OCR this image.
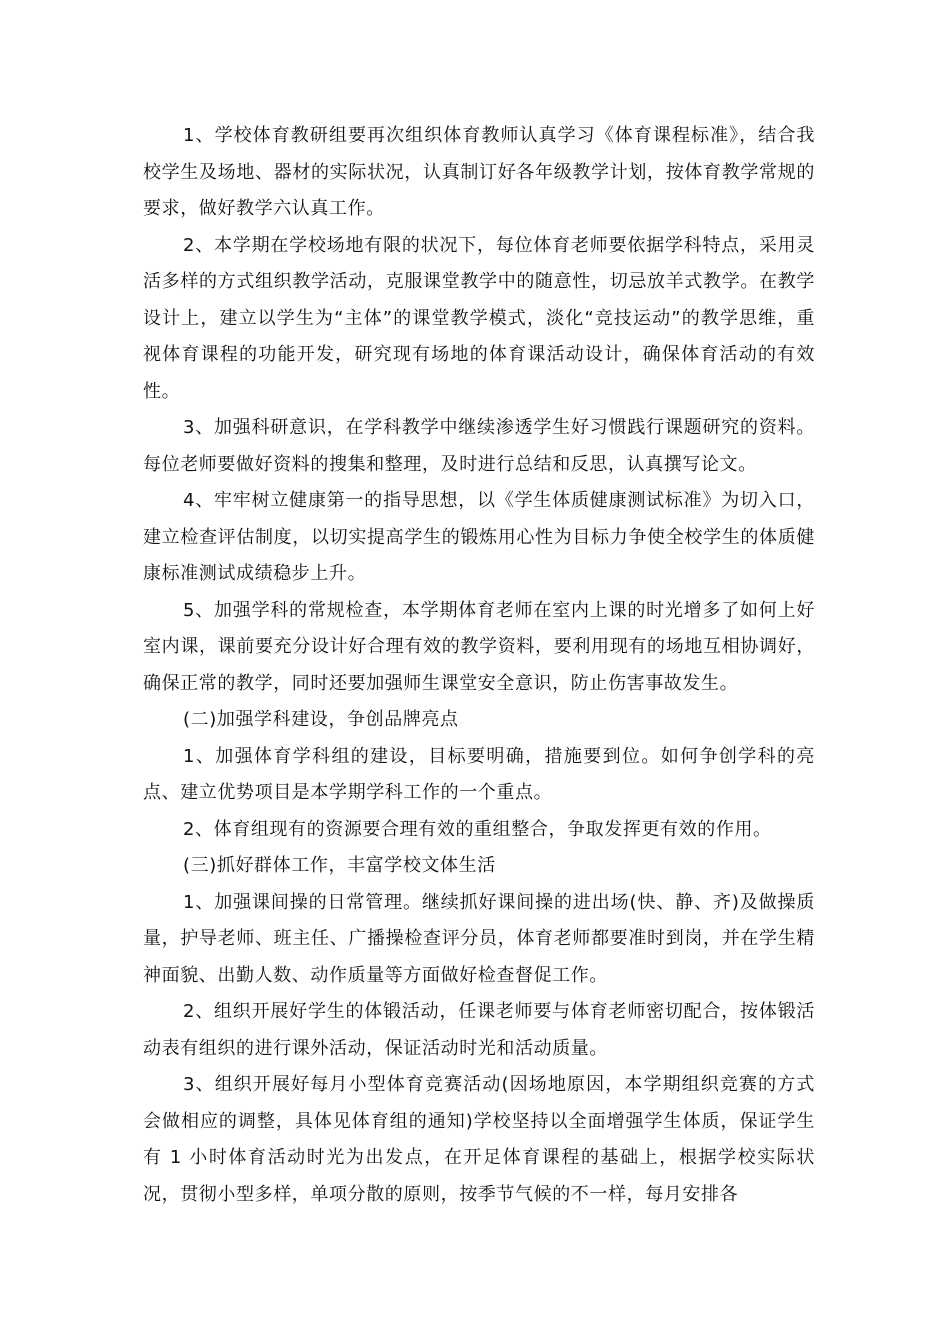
1、学校体育教研组要再次组织体育教师认真学习《体育课程标准》，结合我校学生及场地、器材的实际状况，认真制订好各年级教学计划，按体育教学常规的要求，做好教学六认真工作。

2、本学期在学校场地有限的状况下，每位体育老师要依据学科特点，采用灵活多样的方式组织教学活动，克服课堂教学中的随意性，切忌放羊式教学。在教学设计上，建立以学生为“主体”的课堂教学模式，淡化“竞技运动”的教学思维，重视体育课程的功能开发，研究现有场地的体育课活动设计，确保体育活动的有效性。

3、加强科研意识，在学科教学中继续渗透学生好习惯践行课题研究的资料。每位老师要做好资料的搜集和整理，及时进行总结和反思，认真撰写论文。

4、牢牢树立健康第一的指导思想，以《学生体质健康测试标准》为切入口，建立检查评估制度，以切实提高学生的锻炼用心性为目标力争使全校学生的体质健康标准测试成绩稳步上升。

5、加强学科的常规检查，本学期体育老师在室内上课的时光增多了如何上好室内课，课前要充分设计好合理有效的教学资料，要利用现有的场地互相协调好，确保正常的教学，同时还要加强师生课堂安全意识，防止伤害事故发生。

(二)加强学科建设，争创品牌亮点

1、加强体育学科组的建设，目标要明确，措施要到位。如何争创学科的亮点、建立优势项目是本学期学科工作的一个重点。

2、体育组现有的资源要合理有效的重组整合，争取发挥更有效的作用。

(三)抓好群体工作，丰富学校文体生活

1、加强课间操的日常管理。继续抓好课间操的进出场(快、静、齐)及做操质量，护导老师、班主任、广播操检查评分员，体育老师都要准时到岗，并在学生精神面貌、出勤人数、动作质量等方面做好检查督促工作。

2、组织开展好学生的体锻活动，任课老师要与体育老师密切配合，按体锻活动表有组织的进行课外活动，保证活动时光和活动质量。

3、组织开展好每月小型体育竞赛活动(因场地原因，本学期组织竞赛的方式会做相应的调整，具体见体育组的通知)学校坚持以全面增强学生体质，保证学生有 1 小时体育活动时光为出发点，在开足体育课程的基础上，根据学校实际状况，贯彻小型多样，单项分散的原则，按季节气候的不一样，每月安排各
